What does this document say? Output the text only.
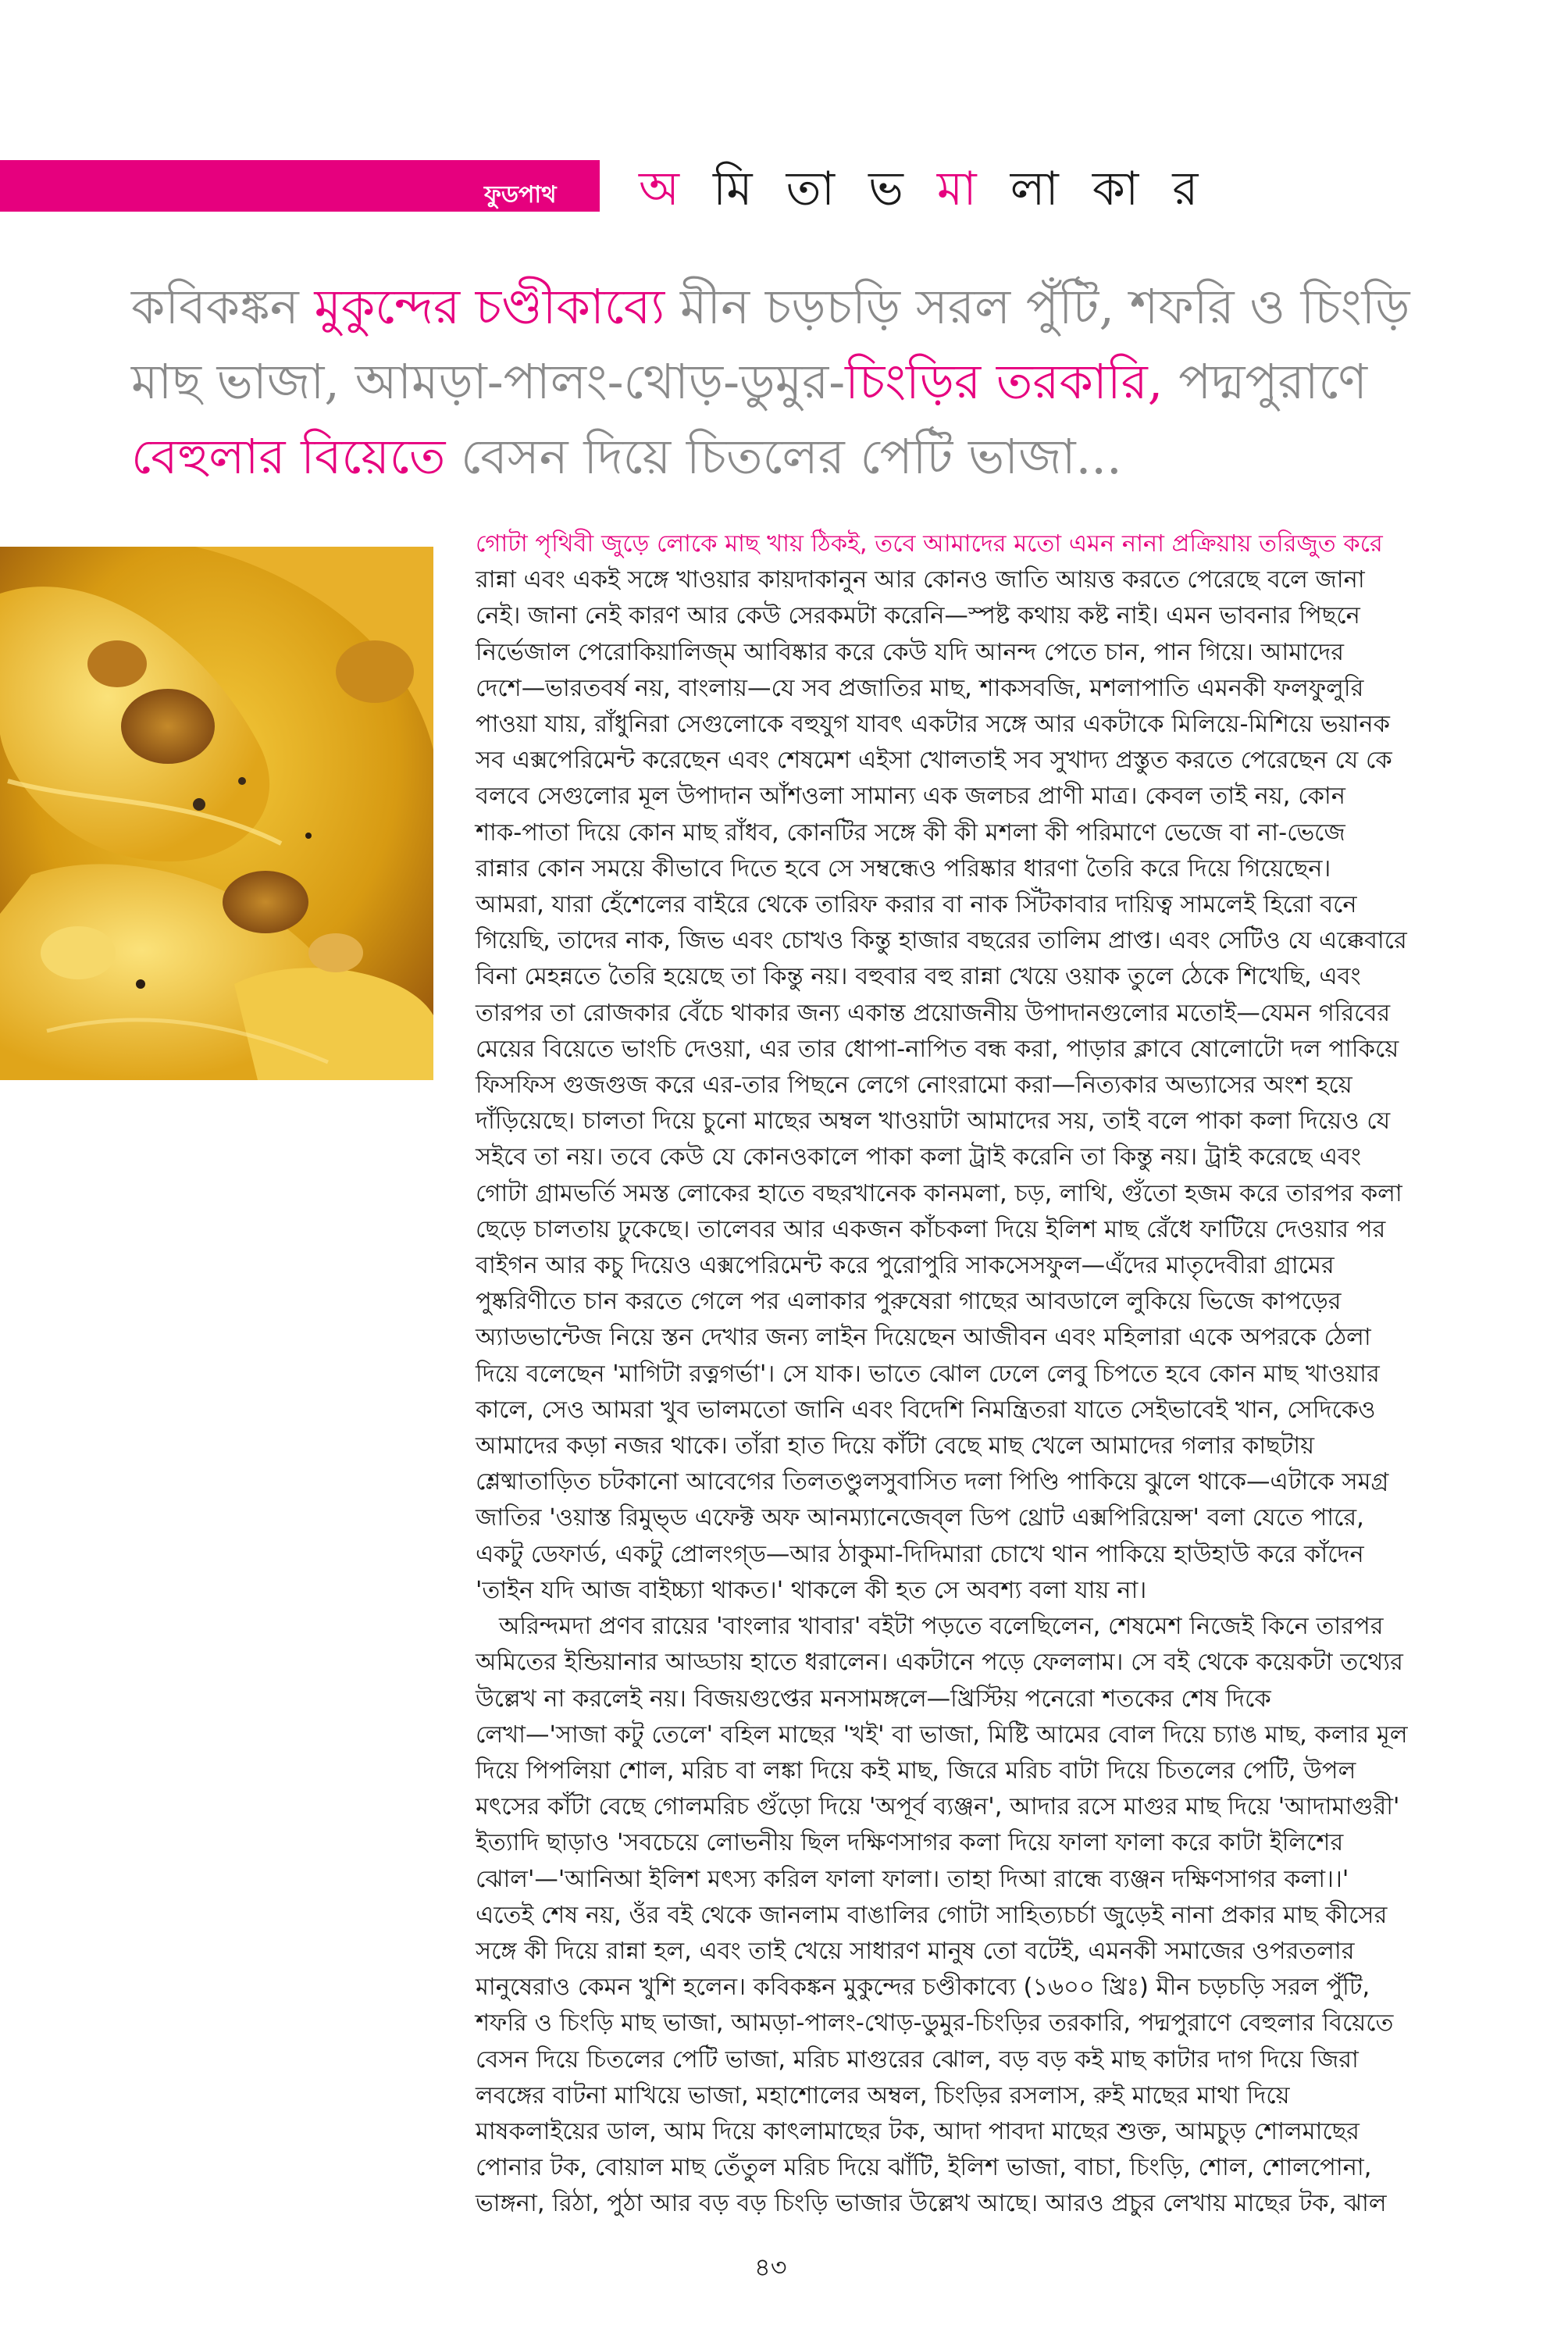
ফুডপাথ অ মি তা ভ মা লা কা র
কবিকঙ্কন মুকুন্দের চণ্ডীকাব্যে মীন চড়চড়ি সরল পুঁটি, শফরি ও চিংড়ি
মাছ ভাজা, আমড়া-পালং-থোড়-ডুমুর-চিংড়ির তরকারি, পদ্মপুরাণে
বেহুলার বিয়েতে বেসন দিয়ে চিতলের পেটি ভাজা...

গোটা পৃথিবী জুড়ে লোকে মাছ খায় ঠিকই, তবে আমাদের মতো এমন নানা প্রক্রিয়ায় তরিজুত করে
রান্না এবং একই সঙ্গে খাওয়ার কায়দাকানুন আর কোনও জাতি আয়ত্ত করতে পেরেছে বলে জানা
নেই। জানা নেই কারণ আর কেউ সেরকমটা করেনি—স্পষ্ট কথায় কষ্ট নাই। এমন ভাবনার পিছনে
নির্ভেজাল পেরোকিয়ালিজ্‌ম আবিষ্কার করে কেউ যদি আনন্দ পেতে চান, পান গিয়ে। আমাদের
দেশে—ভারতবর্ষ নয়, বাংলায়—যে সব প্রজাতির মাছ, শাকসবজি, মশলাপাতি এমনকী ফলফুলুরি
পাওয়া যায়, রাঁধুনিরা সেগুলোকে বহুযুগ যাবৎ একটার সঙ্গে আর একটাকে মিলিয়ে-মিশিয়ে ভয়ানক
সব এক্সপেরিমেন্ট করেছেন এবং শেষমেশ এইসা খোলতাই সব সুখাদ্য প্রস্তুত করতে পেরেছেন যে কে
বলবে সেগুলোর মূল উপাদান আঁশওলা সামান্য এক জলচর প্রাণী মাত্র। কেবল তাই নয়, কোন
শাক-পাতা দিয়ে কোন মাছ রাঁধব, কোনটির সঙ্গে কী কী মশলা কী পরিমাণে ভেজে বা না-ভেজে
রান্নার কোন সময়ে কীভাবে দিতে হবে সে সম্বন্ধেও পরিষ্কার ধারণা তৈরি করে দিয়ে গিয়েছেন।
আমরা, যারা হেঁশেলের বাইরে থেকে তারিফ করার বা নাক সিঁটকাবার দায়িত্ব সামলেই হিরো বনে
গিয়েছি, তাদের নাক, জিভ এবং চোখও কিন্তু হাজার বছরের তালিম প্রাপ্ত। এবং সেটিও যে এক্কেবারে
বিনা মেহন্নতে তৈরি হয়েছে তা কিন্তু নয়। বহুবার বহু রান্না খেয়ে ওয়াক তুলে ঠেকে শিখেছি, এবং
তারপর তা রোজকার বেঁচে থাকার জন্য একান্ত প্রয়োজনীয় উপাদানগুলোর মতোই—যেমন গরিবের
মেয়ের বিয়েতে ভাংচি দেওয়া, এর তার ধোপা-নাপিত বন্ধ করা, পাড়ার ক্লাবে ষোলোটো দল পাকিয়ে
ফিসফিস গুজগুজ করে এর-তার পিছনে লেগে নোংরামো করা—নিত্যকার অভ্যাসের অংশ হয়ে
দাঁড়িয়েছে। চালতা দিয়ে চুনো মাছের অম্বল খাওয়াটা আমাদের সয়, তাই বলে পাকা কলা দিয়েও যে
সইবে তা নয়। তবে কেউ যে কোনওকালে পাকা কলা ট্রাই করেনি তা কিন্তু নয়। ট্রাই করেছে এবং
গোটা গ্রামভর্তি সমস্ত লোকের হাতে বছরখানেক কানমলা, চড়, লাথি, গুঁতো হজম করে তারপর কলা
ছেড়ে চালতায় ঢুকেছে। তালেবর আর একজন কাঁচকলা দিয়ে ইলিশ মাছ রেঁধে ফাটিয়ে দেওয়ার পর
বাইগন আর কচু দিয়েও এক্সপেরিমেন্ট করে পুরোপুরি সাকসেসফুল—এঁদের মাতৃদেবীরা গ্রামের
পুষ্করিণীতে চান করতে গেলে পর এলাকার পুরুষেরা গাছের আবডালে লুকিয়ে ভিজে কাপড়ের
অ্যাডভান্টেজ নিয়ে স্তন দেখার জন্য লাইন দিয়েছেন আজীবন এবং মহিলারা একে অপরকে ঠেলা
দিয়ে বলেছেন 'মাগিটা রত্নগর্ভা'। সে যাক। ভাতে ঝোল ঢেলে লেবু চিপতে হবে কোন মাছ খাওয়ার
কালে, সেও আমরা খুব ভালমতো জানি এবং বিদেশি নিমন্ত্রিতরা যাতে সেইভাবেই খান, সেদিকেও
আমাদের কড়া নজর থাকে। তাঁরা হাত দিয়ে কাঁটা বেছে মাছ খেলে আমাদের গলার কাছটায়
শ্লেষ্মাতাড়িত চটকানো আবেগের তিলতণ্ডুলসুবাসিত দলা পিণ্ডি পাকিয়ে ঝুলে থাকে—এটাকে সমগ্র
জাতির 'ওয়াস্ত রিমুভ্‌ড এফেক্ট অফ আনম্যানেজেব্‌ল ডিপ থ্রোট এক্সপিরিয়েন্স' বলা যেতে পারে,
একটু ডেফার্ড, একটু প্রোলংগ্‌ড—আর ঠাকুমা-দিদিমারা চোখে থান পাকিয়ে হাউহাউ করে কাঁদেন
'তাইন যদি আজ বাইচ্চ্যা থাকত।' থাকলে কী হত সে অবশ্য বলা যায় না।

অরিন্দমদা প্রণব রায়ের 'বাংলার খাবার' বইটা পড়তে বলেছিলেন, শেষমেশ নিজেই কিনে তারপর
অমিতের ইন্ডিয়ানার আড্ডায় হাতে ধরালেন। একটানে পড়ে ফেললাম। সে বই থেকে কয়েকটা তথ্যের
উল্লেখ না করলেই নয়। বিজয়গুপ্তের মনসামঙ্গলে—খ্রিস্টিয় পনেরো শতকের শেষ দিকে
লেখা—'সাজা কটু তেলে' বহিল মাছের 'খই' বা ভাজা, মিষ্টি আমের বোল দিয়ে চ্যাঙ মাছ, কলার মূল
দিয়ে পিপলিয়া শোল, মরিচ বা লঙ্কা দিয়ে কই মাছ, জিরে মরিচ বাটা দিয়ে চিতলের পেটি, উপল
মৎসের কাঁটা বেছে গোলমরিচ গুঁড়ো দিয়ে 'অপূর্ব ব্যঞ্জন', আদার রসে মাগুর মাছ দিয়ে 'আদামাগুরী'
ইত্যাদি ছাড়াও 'সবচেয়ে লোভনীয় ছিল দক্ষিণসাগর কলা দিয়ে ফালা ফালা করে কাটা ইলিশের
ঝোল'—'আনিআ ইলিশ মৎস্য করিল ফালা ফালা। তাহা দিআ রান্ধে ব্যঞ্জন দক্ষিণসাগর কলা।।'
এতেই শেষ নয়, ওঁর বই থেকে জানলাম বাঙালির গোটা সাহিত্যচর্চা জুড়েই নানা প্রকার মাছ কীসের
সঙ্গে কী দিয়ে রান্না হল, এবং তাই খেয়ে সাধারণ মানুষ তো বটেই, এমনকী সমাজের ওপরতলার
মানুষেরাও কেমন খুশি হলেন। কবিকঙ্কন মুকুন্দের চণ্ডীকাব্যে (১৬০০ খ্রিঃ) মীন চড়চড়ি সরল পুঁটি,
শফরি ও চিংড়ি মাছ ভাজা, আমড়া-পালং-থোড়-ডুমুর-চিংড়ির তরকারি, পদ্মপুরাণে বেহুলার বিয়েতে
বেসন দিয়ে চিতলের পেটি ভাজা, মরিচ মাগুরের ঝোল, বড় বড় কই মাছ কাটার দাগ দিয়ে জিরা
লবঙ্গের বাটনা মাখিয়ে ভাজা, মহাশোলের অম্বল, চিংড়ির রসলাস, রুই মাছের মাথা দিয়ে
মাষকলাইয়ের ডাল, আম দিয়ে কাৎলামাছের টক, আদা পাবদা মাছের শুক্ত, আমচুড় শোলমাছের
পোনার টক, বোয়াল মাছ তেঁতুল মরিচ দিয়ে ঝাঁটি, ইলিশ ভাজা, বাচা, চিংড়ি, শোল, শোলপোনা,
ভাঙ্গনা, রিঠা, পুঠা আর বড় বড় চিংড়ি ভাজার উল্লেখ আছে। আরও প্রচুর লেখায় মাছের টক, ঝাল

৪৩
